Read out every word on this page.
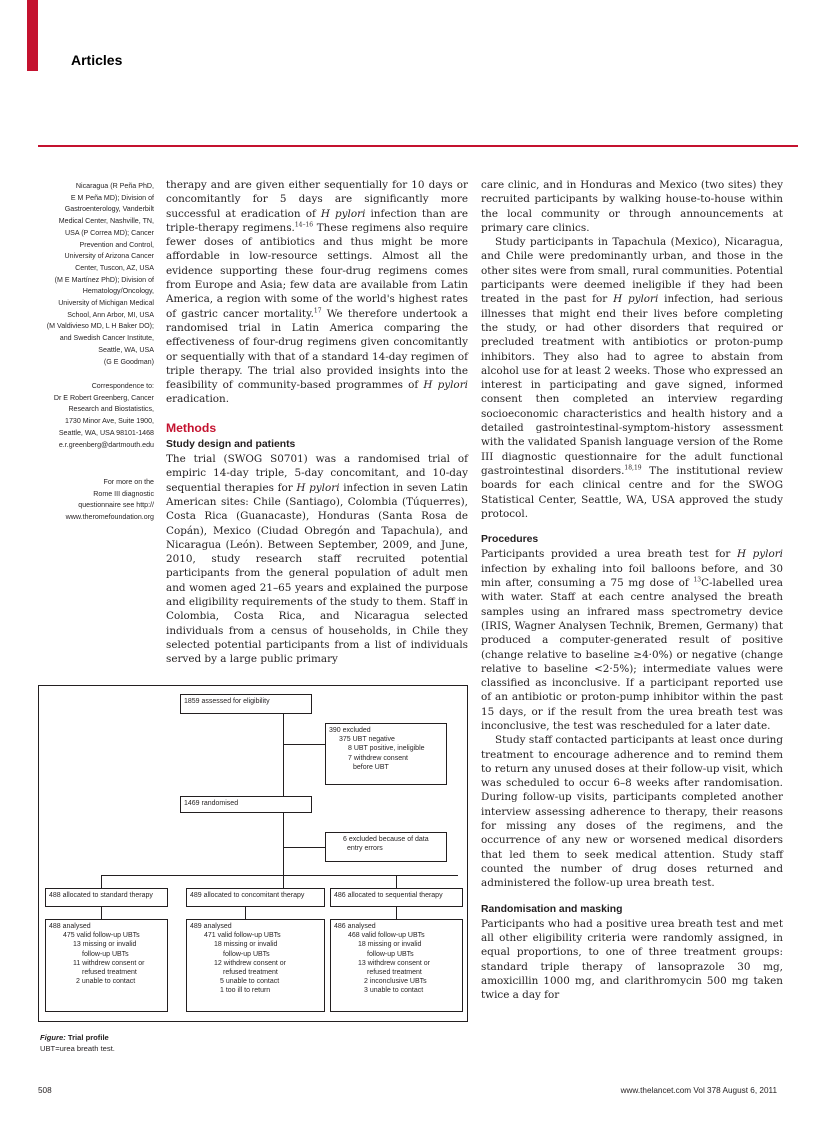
Articles
Nicaragua (R Peña PhD,
E M Peña MD); Division of
Gastroenterology, Vanderbilt
Medical Center, Nashville, TN,
USA (P Correa MD); Cancer
Prevention and Control,
University of Arizona Cancer
Center, Tuscon, AZ, USA
(M E Martínez PhD); Division of
Hematology/Oncology,
University of Michigan Medical
School, Ann Arbor, MI, USA
(M Valdivieso MD, L H Baker DO);
and Swedish Cancer Institute,
Seattle, WA, USA
(G E Goodman)
Correspondence to:
Dr E Robert Greenberg, Cancer
Research and Biostatistics,
1730 Minor Ave, Suite 1900,
Seattle, WA, USA 98101-1468
e.r.greenberg@dartmouth.edu
For more on the
Rome III diagnostic
questionnaire see http://
www.theromefoundation.org

therapy and are given either sequentially for 10 days or concomitantly for 5 days are significantly more successful at eradication of H pylori infection than are triple-therapy regimens.$^{14-16}$ These regimens also require fewer doses of antibiotics and thus might be more affordable in low-resource settings. Almost all the evidence supporting these four-drug regimens comes from Europe and Asia; few data are available from Latin America, a region with some of the world's highest rates of gastric cancer mortality.$^{17}$ We therefore undertook a randomised trial in Latin America comparing the effectiveness of four-drug regimens given concomitantly or sequentially with that of a standard 14-day regimen of triple therapy. The trial also provided insights into the feasibility of community-based programmes of H pylori eradication.

Methods

Study design and patients

The trial (SWOG S0701) was a randomised trial of empiric 14-day triple, 5-day concomitant, and 10-day sequential therapies for H pylori infection in seven Latin American sites: Chile (Santiago), Colombia (Túquerres), Costa Rica (Guanacaste), Honduras (Santa Rosa de Copán), Mexico (Ciudad Obregón and Tapachula), and Nicaragua (León). Between September, 2009, and June, 2010, study research staff recruited potential participants from the general population of adult men and women aged 21–65 years and explained the purpose and eligibility requirements of the study to them. Staff in Colombia, Costa Rica, and Nicaragua selected individuals from a census of households, in Chile they selected potential participants from a list of individuals served by a large public primary

care clinic, and in Honduras and Mexico (two sites) they recruited participants by walking house-to-house within the local community or through announcements at primary care clinics.

Study participants in Tapachula (Mexico), Nicaragua, and Chile were predominantly urban, and those in the other sites were from small, rural communities. Potential participants were deemed ineligible if they had been treated in the past for H pylori infection, had serious illnesses that might end their lives before completing the study, or had other disorders that required or precluded treatment with antibiotics or proton-pump inhibitors. They also had to agree to abstain from alcohol use for at least 2 weeks. Those who expressed an interest in participating and gave signed, informed consent then completed an interview regarding socioeconomic characteristics and health history and a detailed gastrointestinal-symptom-history assessment with the validated Spanish language version of the Rome III diagnostic questionnaire for the adult functional gastrointestinal disorders.$^{18,19}$ The institutional review boards for each clinical centre and for the SWOG Statistical Center, Seattle, WA, USA approved the study protocol.

Procedures

Participants provided a urea breath test for H pylori infection by exhaling into foil balloons before, and 30 min after, consuming a 75 mg dose of $^{13}$C-labelled urea with water. Staff at each centre analysed the breath samples using an infrared mass spectrometry device (IRIS, Wagner Analysen Technik, Bremen, Germany) that produced a computer-generated result of positive (change relative to baseline ≥4·0%) or negative (change relative to baseline <2·5%); intermediate values were classified as inconclusive. If a participant reported use of an antibiotic or proton-pump inhibitor within the past 15 days, or if the result from the urea breath test was inconclusive, the test was rescheduled for a later date.

Study staff contacted participants at least once during treatment to encourage adherence and to remind them to return any unused doses at their follow-up visit, which was scheduled to occur 6–8 weeks after randomisation. During follow-up visits, participants completed another interview assessing adherence to therapy, their reasons for missing any doses of the regimens, and the occurrence of any new or worsened medical disorders that led them to seek medical attention. Study staff counted the number of drug doses returned and administered the follow-up urea breath test.

Randomisation and masking

Participants who had a positive urea breath test and met all other eligibility criteria were randomly assigned, in equal proportions, to one of three treatment groups: standard triple therapy of lansoprazole 30 mg, amoxicillin 1000 mg, and clarithromycin 500 mg taken twice a day for

1859 assessed for eligibility
390 excluded
375 UBT negative
8 UBT positive, ineligible
7 withdrew consent
before UBT
1469 randomised
6 excluded because of data
entry errors
488 allocated to standard therapy	489 allocated to concomitant therapy	486 allocated to sequential therapy
488 analysed
475 valid follow-up UBTs
13 missing or invalid
follow-up UBTs
11 withdrew consent or
refused treatment
2 unable to contact
489 analysed
471 valid follow-up UBTs
18 missing or invalid
follow-up UBTs
12 withdrew consent or
refused treatment
5 unable to contact
1 too ill to return
486 analysed
468 valid follow-up UBTs
18 missing or invalid
follow-up UBTs
13 withdrew consent or
refused treatment
2 inconclusive UBTs
3 unable to contact
Figure: Trial profile
UBT=urea breath test.
508	www.thelancet.com Vol 378 August 6, 2011
